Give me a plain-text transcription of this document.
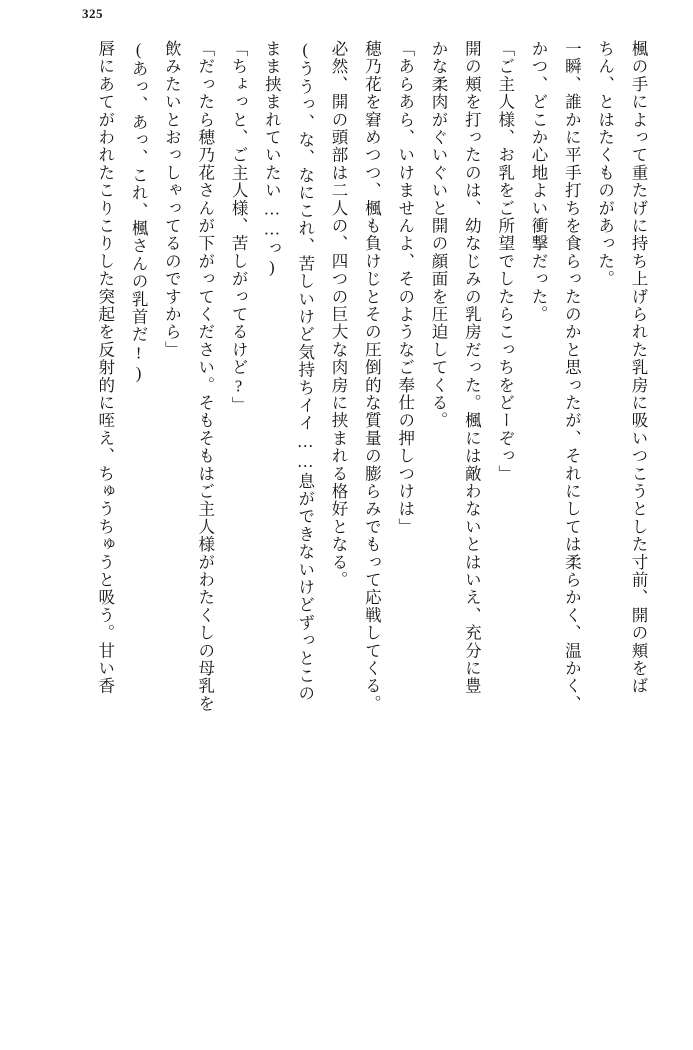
325

楓の手によって重たげに持ち上げられた乳房に吸いつこうとした寸前、開の頬をば

ちん、とはたくものがあった。

一瞬、誰かに平手打ちを食らったのかと思ったが、それにしては柔らかく、温かく、

かつ、どこか心地よい衝撃だった。

「ご主人様、お乳をご所望でしたらこっちをどーぞっ」

開の頬を打ったのは、幼なじみの乳房だった。楓には敵わないとはいえ、充分に豊

かな柔肉がぐいぐいと開の顔面を圧迫してくる。

「あらあら、いけませんよ、そのようなご奉仕の押しつけは」

穂乃花を窘めつつ、楓も負けじとその圧倒的な質量の膨らみでもって応戦してくる。

必然、開の頭部は二人の、四つの巨大な肉房に挟まれる格好となる。

(ううっ、な、なにこれ、苦しいけど気持ちイイ……息ができないけどずっとこの

まま挟まれていたい……っ)

「ちょっと、ご主人様、苦しがってるけど?」

「だったら穂乃花さんが下がってください。そもそもはご主人様がわたくしの母乳を

飲みたいとおっしゃってるのですから」

(あっ、あっ、これ、楓さんの乳首だ!)

唇にあてがわれたこりこりした突起を反射的に咥え、ちゅうちゅうと吸う。甘い香
